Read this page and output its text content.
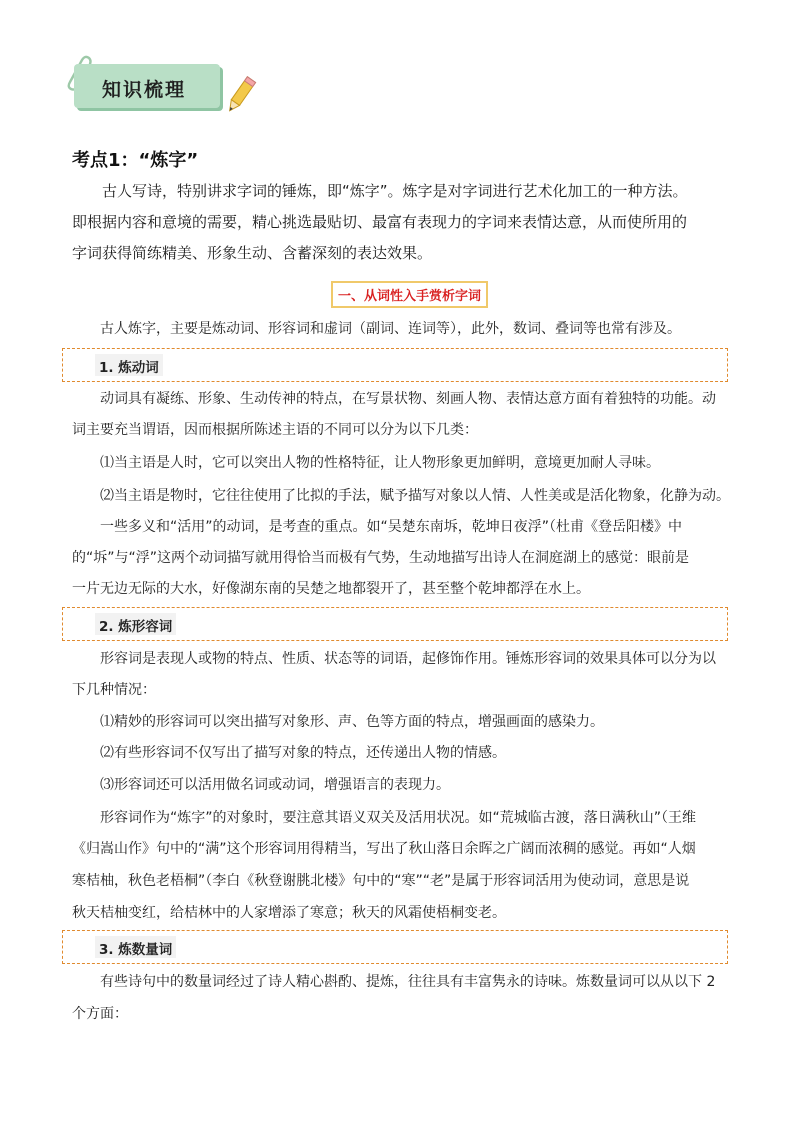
知识梳理
考点1：“炼字”
古人写诗，特别讲求字词的锤炼，即“炼字”。炼字是对字词进行艺术化加工的一种方法。
即根据内容和意境的需要，精心挑选最贴切、最富有表现力的字词来表情达意，从而使所用的
字词获得简练精美、形象生动、含蓄深刻的表达效果。
一、从词性入手赏析字词
古人炼字，主要是炼动词、形容词和虚词（副词、连词等），此外，数词、叠词等也常有涉及。
1. 炼动词
动词具有凝练、形象、生动传神的特点，在写景状物、刻画人物、表情达意方面有着独特的功能。动
词主要充当谓语，因而根据所陈述主语的不同可以分为以下几类：
⑴当主语是人时，它可以突出人物的性格特征，让人物形象更加鲜明，意境更加耐人寻味。
⑵当主语是物时，它往往使用了比拟的手法，赋予描写对象以人情、人性美或是活化物象，化静为动。
一些多义和“活用”的动词，是考查的重点。如“吴楚东南坼，乾坤日夜浮”（杜甫《登岳阳楼》中
的“坼”与“浮”这两个动词描写就用得恰当而极有气势，生动地描写出诗人在洞庭湖上的感觉：眼前是
一片无边无际的大水，好像湖东南的吴楚之地都裂开了，甚至整个乾坤都浮在水上。
2. 炼形容词
形容词是表现人或物的特点、性质、状态等的词语，起修饰作用。锤炼形容词的效果具体可以分为以
下几种情况：
⑴精妙的形容词可以突出描写对象形、声、色等方面的特点，增强画面的感染力。
⑵有些形容词不仅写出了描写对象的特点，还传递出人物的情感。
⑶形容词还可以活用做名词或动词，增强语言的表现力。
形容词作为“炼字”的对象时，要注意其语义双关及活用状况。如“荒城临古渡，落日满秋山”（王维
《归嵩山作》句中的“满”这个形容词用得精当，写出了秋山落日余晖之广阔而浓稠的感觉。再如“人烟
寒桔柚，秋色老梧桐”（李白《秋登谢朓北楼》句中的“寒”“老”是属于形容词活用为使动词，意思是说
秋天桔柚变红，给桔林中的人家增添了寒意；秋天的风霜使梧桐变老。
3. 炼数量词
有些诗句中的数量词经过了诗人精心斟酌、提炼，往往具有丰富隽永的诗味。炼数量词可以从以下 2
个方面：
